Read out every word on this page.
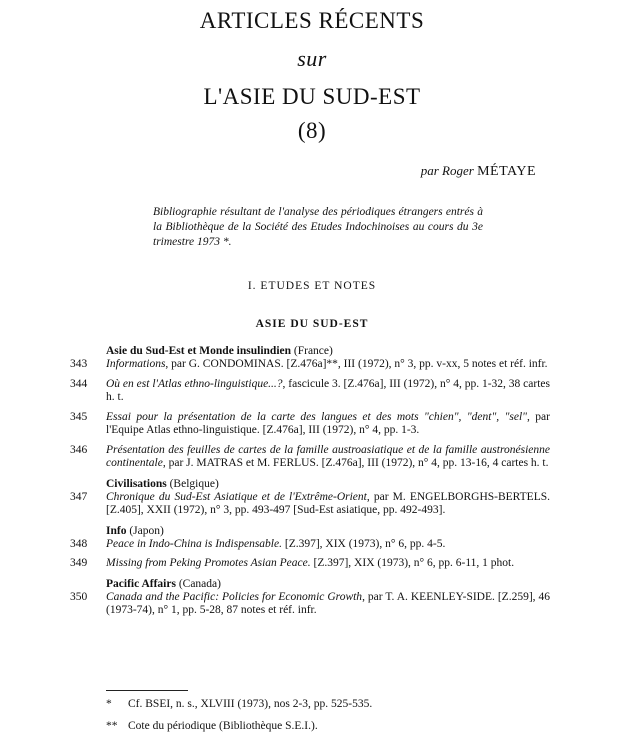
ARTICLES RÉCENTS
sur
L'ASIE DU SUD-EST
(8)
par Roger MÉTAYE
Bibliographie résultant de l'analyse des périodiques étrangers entrés à la Bibliothèque de la Société des Etudes Indochinoises au cours du 3e trimestre 1973 *.
I. ETUDES ET NOTES
ASIE DU SUD-EST
Asie du Sud-Est et Monde insulindien (France)
343	Informations, par G. CONDOMINAS. [Z.476a]**, III (1972), n° 3, pp. v-xx, 5 notes et réf. infr.
344	Où en est l'Atlas ethno-linguistique...?, fascicule 3. [Z.476a], III (1972), n° 4, pp. 1-32, 38 cartes h. t.
345	Essai pour la présentation de la carte des langues et des mots "chien", "dent", "sel", par l'Equipe Atlas ethno-linguistique. [Z.476a], III (1972), n° 4, pp. 1-3.
346	Présentation des feuilles de cartes de la famille austroasiatique et de la famille austronésienne continentale, par J. MATRAS et M. FERLUS. [Z.476a], III (1972), n° 4, pp. 13-16, 4 cartes h. t.
Civilisations (Belgique)
347	Chronique du Sud-Est Asiatique et de l'Extrême-Orient, par M. ENGELBORGHS-BERTELS. [Z.405], XXII (1972), n° 3, pp. 493-497 [Sud-Est asiatique, pp. 492-493].
Info (Japon)
348	Peace in Indo-China is Indispensable. [Z.397], XIX (1973), n° 6, pp. 4-5.
349	Missing from Peking Promotes Asian Peace. [Z.397], XIX (1973), n° 6, pp. 6-11, 1 phot.
Pacific Affairs (Canada)
350	Canada and the Pacific: Policies for Economic Growth, par T. A. KEENLEY-SIDE. [Z.259], 46 (1973-74), n° 1, pp. 5-28, 87 notes et réf. infr.
* Cf. BSEI, n. s., XLVIII (1973), nos 2-3, pp. 525-535.
** Cote du périodique (Bibliothèque S.E.I.).
